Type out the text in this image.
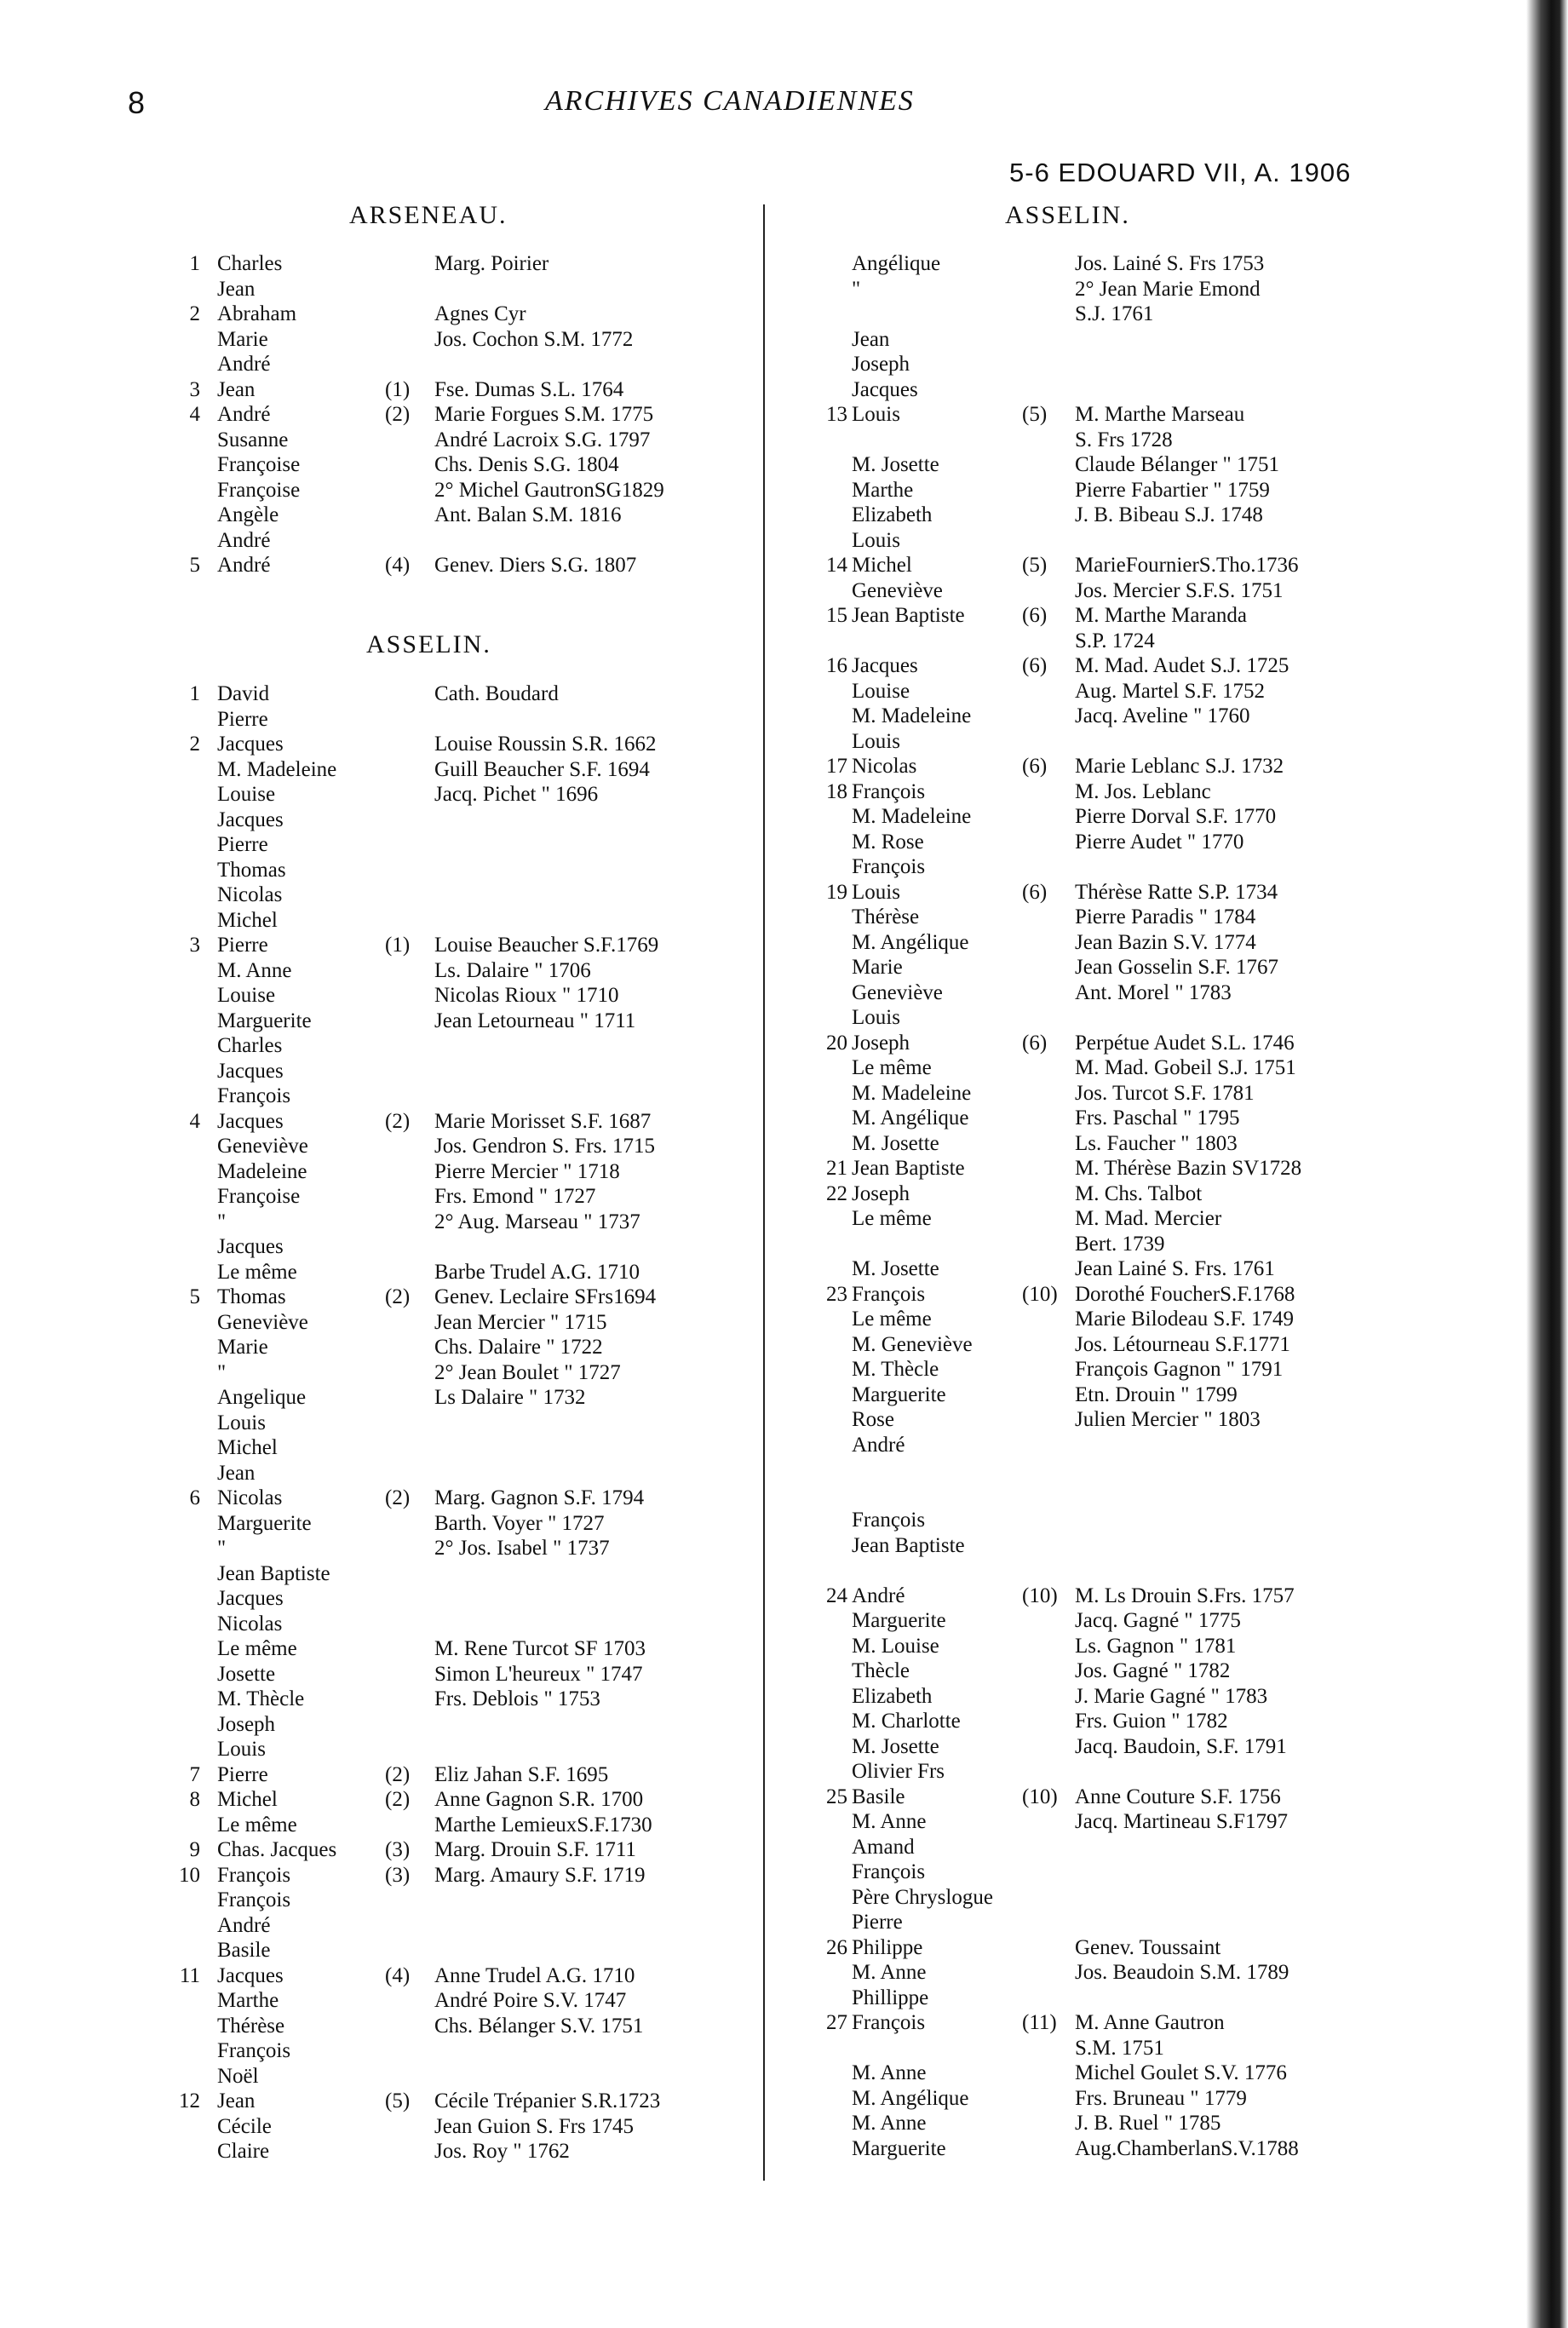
8	ARCHIVES CANADIENNES
5-6 EDOUARD VII, A. 1906
ARSENEAU.
ASSELIN.
ASSELIN.
1 Charles	Marg. Poirier
Jean
2 Abraham	Agnes Cyr
Marie	Jos. Cochon S.M. 1772
André
3 Jean	(1) Fse. Dumas S.L. 1764
4 André	(2) Marie Forgues S.M. 1775
Susanne	André Lacroix S.G. 1797
Françoise	Chs. Denis S.G. 1804
Françoise	2° Michel GautronSG1829
Angèle	Ant. Balan S.M. 1816
André
5 André	(4) Genev. Diers S.G. 1807
1 David	Cath. Boudard
Pierre
2 Jacques	Louise Roussin S.R. 1662
M. Madeleine	Guill Beaucher S.F. 1694
Louise	Jacq. Pichet " 1696
Jacques
Pierre
Thomas
Nicolas
Michel
3 Pierre	(1) Louise Beaucher S.F.1769
M. Anne	Ls. Dalaire " 1706
Louise	Nicolas Rioux " 1710
Marguerite	Jean Letourneau " 1711
Charles
Jacques
François
4 Jacques	(2) Marie Morisset S.F. 1687
Geneviève	Jos. Gendron S. Frs. 1715
Madeleine	Pierre Mercier " 1718
Françoise	Frs. Emond " 1727
"	2° Aug. Marseau " 1737
Jacques
Le même	Barbe Trudel A.G. 1710
5 Thomas	(2) Genev. Leclaire SFrs1694
Geneviève	Jean Mercier " 1715
Marie	Chs. Dalaire " 1722
"	2° Jean Boulet " 1727
Angelique	Ls Dalaire " 1732
Louis
Michel
Jean
6 Nicolas	(2) Marg. Gagnon S.F. 1794
Marguerite	Barth. Voyer " 1727
"	2° Jos. Isabel " 1737
Jean Baptiste
Jacques
Nicolas
Le même	M. Rene Turcot SF 1703
Josette	Simon L'heureux " 1747
M. Thècle	Frs. Deblois " 1753
Joseph
Louis
7 Pierre	(2) Eliz Jahan S.F. 1695
8 Michel	(2) Anne Gagnon S.R. 1700
Le même	Marthe LemieuxS.F.1730
9 Chas. Jacques (3) Marg. Drouin S.F. 1711
10 François	(3) Marg. Amaury S.F. 1719
François
André
Basile
11 Jacques	(4) Anne Trudel A.G. 1710
Marthe	André Poire S.V. 1747
Thérèse	Chs. Bélanger S.V. 1751
François
Noël
12 Jean	(5) Cécile Trépanier S.R.1723
Cécile	Jean Guion S. Frs 1745
Claire	Jos. Roy " 1762
Angélique	Jos. Lainé S. Frs 1753
"	2° Jean Marie Emond
S.J. 1761
Jean
Joseph
Jacques
13 Louis	(5) M. Marthe Marseau
S. Frs 1728
M. Josette	Claude Bélanger " 1751
Marthe	Pierre Fabartier " 1759
Elizabeth	J. B. Bibeau S.J. 1748
Louis
14 Michel	(5) MarieFournierS.Tho.1736
Geneviève	Jos. Mercier S.F.S. 1751
15 Jean Baptiste	(6) M. Marthe Maranda
S.P. 1724
16 Jacques	(6) M. Mad. Audet S.J. 1725
Louise	Aug. Martel S.F. 1752
M. Madeleine	Jacq. Aveline " 1760
Louis
17 Nicolas	(6) Marie Leblanc S.J. 1732
18 François	M. Jos. Leblanc
M. Madeleine	Pierre Dorval S.F. 1770
M. Rose	Pierre Audet " 1770
François
19 Louis	(6) Thérèse Ratte S.P. 1734
Thérèse	Pierre Paradis " 1784
M. Angélique	Jean Bazin S.V. 1774
Marie	Jean Gosselin S.F. 1767
Geneviève	Ant. Morel " 1783
Louis
20 Joseph	(6) Perpétue Audet S.L. 1746
Le même	M. Mad. Gobeil S.J. 1751
M. Madeleine	Jos. Turcot S.F. 1781
M. Angélique	Frs. Paschal " 1795
M. Josette	Ls. Faucher " 1803
21 Jean Baptiste	M. Thérèse Bazin SV1728
22 Joseph	M. Chs. Talbot
Le même	M. Mad. Mercier
Bert. 1739
M. Josette	Jean Lainé S. Frs. 1761
23 François	(10) Dorothé FoucherS.F.1768
Le même	Marie Bilodeau S.F. 1749
M. Geneviève	Jos. Létourneau S.F.1771
M. Thècle	François Gagnon " 1791
Marguerite	Etn. Drouin " 1799
Rose	Julien Mercier " 1803
André
François
Jean Baptiste
24 André	(10) M. Ls Drouin S.Frs. 1757
Marguerite	Jacq. Gagné " 1775
M. Louise	Ls. Gagnon " 1781
Thècle	Jos. Gagné " 1782
Elizabeth	J. Marie Gagné " 1783
M. Charlotte	Frs. Guion " 1782
M. Josette	Jacq. Baudoin, S.F. 1791
Olivier Frs
25 Basile	(10) Anne Couture S.F. 1756
M. Anne	Jacq. Martineau S.F1797
Amand
François
Père Chryslogue
Pierre
26 Philippe	Genev. Toussaint
M. Anne	Jos. Beaudoin S.M. 1789
Phillippe
27 François	(11) M. Anne Gautron
S.M. 1751
M. Anne	Michel Goulet S.V. 1776
M. Angélique	Frs. Bruneau " 1779
M. Anne	J. B. Ruel " 1785
Marguerite	Aug.ChamberlanS.V.1788
